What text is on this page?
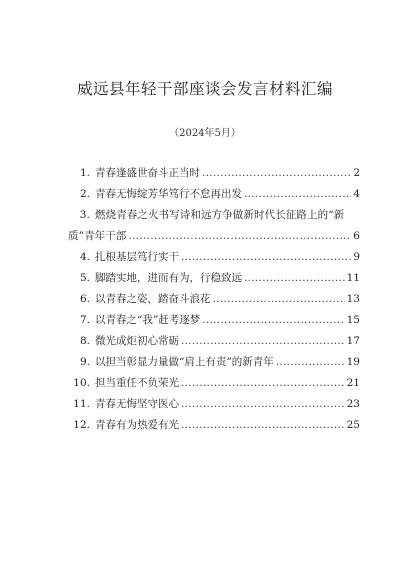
威远县年轻干部座谈会发言材料汇编
（2024年5月）
1. 青春逢盛世奋斗正当时 .....	2
2. 青春无悔绽芳华笃行不怠再出发 .....	4
3. 燃烧青春之火书写诗和远方争做新时代长征路上的“新
质”青年干部 .....	6
4. 扎根基层笃行实干 .....	9
5. 脚踏实地，进而有为，行稳致远 .....	11
6. 以青春之姿，踏奋斗浪花 .....	13
7. 以青春之“我”赶考逐梦 .....	15
8. 微光成炬初心常砺 .....	17
9. 以担当彰显力量做“肩上有责”的新青年 .....	19
10. 担当重任不负荣光 .....	21
11. 青春无悔坚守医心 .....	23
12. 青春有为热爱有光 .....	25
